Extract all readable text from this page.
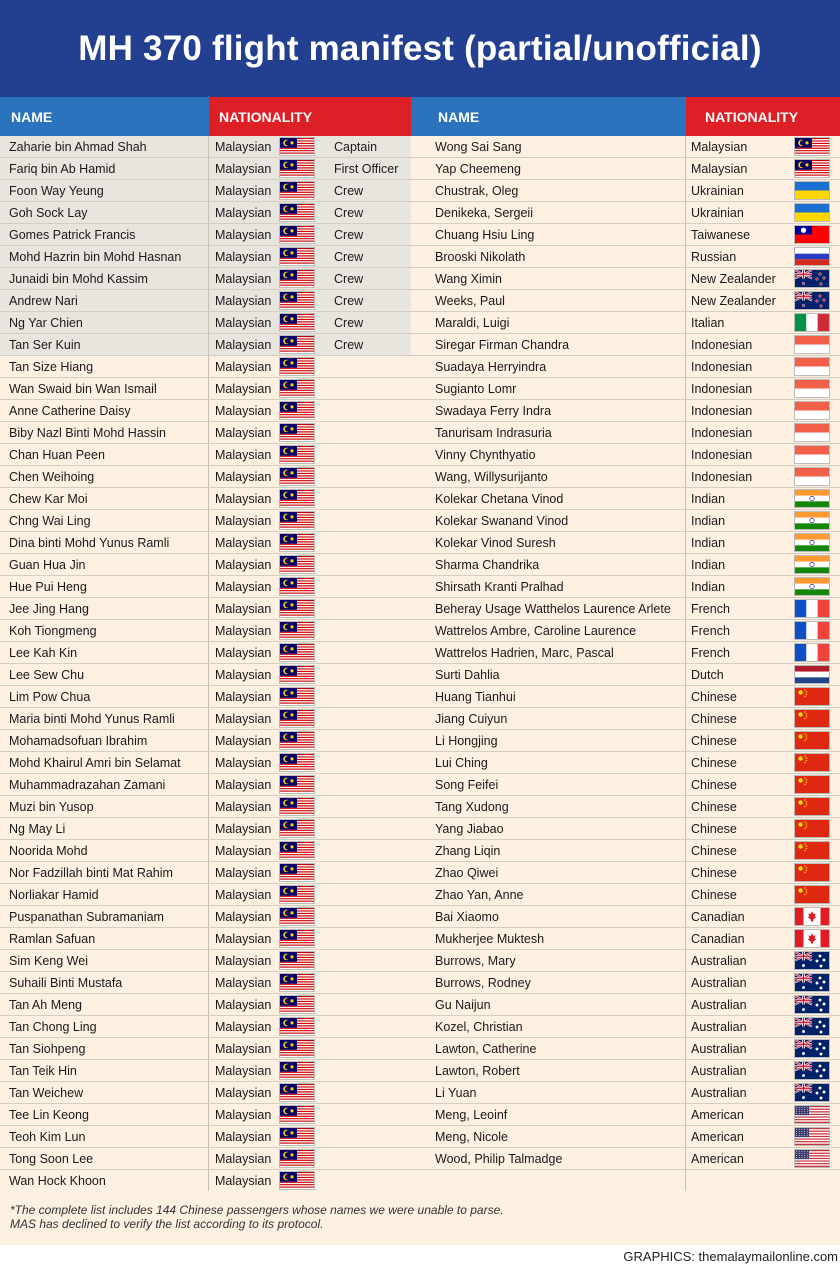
MH 370 flight manifest (partial/unofficial)
NAME	NATIONALITY
Zaharie bin Ahmad Shah	Malaysian	Captain
Fariq bin Ab Hamid	Malaysian	First Officer
Foon Way Yeung	Malaysian	Crew
Goh Sock Lay	Malaysian	Crew
Gomes Patrick Francis	Malaysian	Crew
Mohd Hazrin bin Mohd Hasnan	Malaysian	Crew
Junaidi bin Mohd Kassim	Malaysian	Crew
Andrew Nari	Malaysian	Crew
Ng Yar Chien	Malaysian	Crew
Tan Ser Kuin	Malaysian	Crew
Tan Size Hiang	Malaysian
Wan Swaid bin Wan Ismail	Malaysian
Anne Catherine Daisy	Malaysian
Biby Nazl Binti Mohd Hassin	Malaysian
Chan Huan Peen	Malaysian
Chen Weihoing	Malaysian
Chew Kar Moi	Malaysian
Chng Wai Ling	Malaysian
Dina binti Mohd Yunus Ramli	Malaysian
Guan Hua Jin	Malaysian
Hue Pui Heng	Malaysian
Jee Jing Hang	Malaysian
Koh Tiongmeng	Malaysian
Lee Kah Kin	Malaysian
Lee Sew Chu	Malaysian
Lim Pow Chua	Malaysian
Maria binti Mohd Yunus Ramli	Malaysian
Mohamadsofuan Ibrahim	Malaysian
Mohd Khairul Amri bin Selamat	Malaysian
Muhammadrazahan Zamani	Malaysian
Muzi bin Yusop	Malaysian
Ng May Li	Malaysian
Noorida Mohd	Malaysian
Nor Fadzillah binti Mat Rahim	Malaysian
Norliakar Hamid	Malaysian
Puspanathan Subramaniam	Malaysian
Ramlan Safuan	Malaysian
Sim Keng Wei	Malaysian
Suhaili Binti Mustafa	Malaysian
Tan Ah Meng	Malaysian
Tan Chong Ling	Malaysian
Tan Siohpeng	Malaysian
Tan Teik Hin	Malaysian
Tan Weichew	Malaysian
Tee Lin Keong	Malaysian
Teoh Kim Lun	Malaysian
Tong Soon Lee	Malaysian
Wan Hock Khoon	Malaysian
NAME	NATIONALITY
Wong Sai Sang	Malaysian
Yap Cheemeng	Malaysian
Chustrak, Oleg	Ukrainian
Denikeka, Sergeii	Ukrainian
Chuang Hsiu Ling	Taiwanese
Brooski Nikolath	Russian
Wang Ximin	New Zealander
Weeks, Paul	New Zealander
Maraldi, Luigi	Italian
Siregar Firman Chandra	Indonesian
Suadaya Herryindra	Indonesian
Sugianto Lomr	Indonesian
Swadaya Ferry Indra	Indonesian
Tanurisam Indrasuria	Indonesian
Vinny Chynthyatio	Indonesian
Wang, Willysurijanto	Indonesian
Kolekar Chetana Vinod	Indian
Kolekar Swanand Vinod	Indian
Kolekar Vinod Suresh	Indian
Sharma Chandrika	Indian
Shirsath Kranti Pralhad	Indian
Beheray Usage Watthelos Laurence Arlete	French
Wattrelos Ambre, Caroline Laurence	French
Wattrelos Hadrien, Marc, Pascal	French
Surti Dahlia	Dutch
Huang Tianhui	Chinese
Jiang Cuiyun	Chinese
Li Hongjing	Chinese
Lui Ching	Chinese
Song Feifei	Chinese
Tang Xudong	Chinese
Yang Jiabao	Chinese
Zhang Liqin	Chinese
Zhao Qiwei	Chinese
Zhao Yan, Anne	Chinese
Bai Xiaomo	Canadian
Mukherjee Muktesh	Canadian
Burrows, Mary	Australian
Burrows, Rodney	Australian
Gu Naijun	Australian
Kozel, Christian	Australian
Lawton, Catherine	Australian
Lawton, Robert	Australian
Li Yuan	Australian
Meng, Leoinf	American
Meng, Nicole	American
Wood, Philip Talmadge	American
*The complete list includes 144 Chinese passengers whose names we were unable to parse.
MAS has declined to verify the list according to its protocol.
GRAPHICS: themalaymailonline.com
